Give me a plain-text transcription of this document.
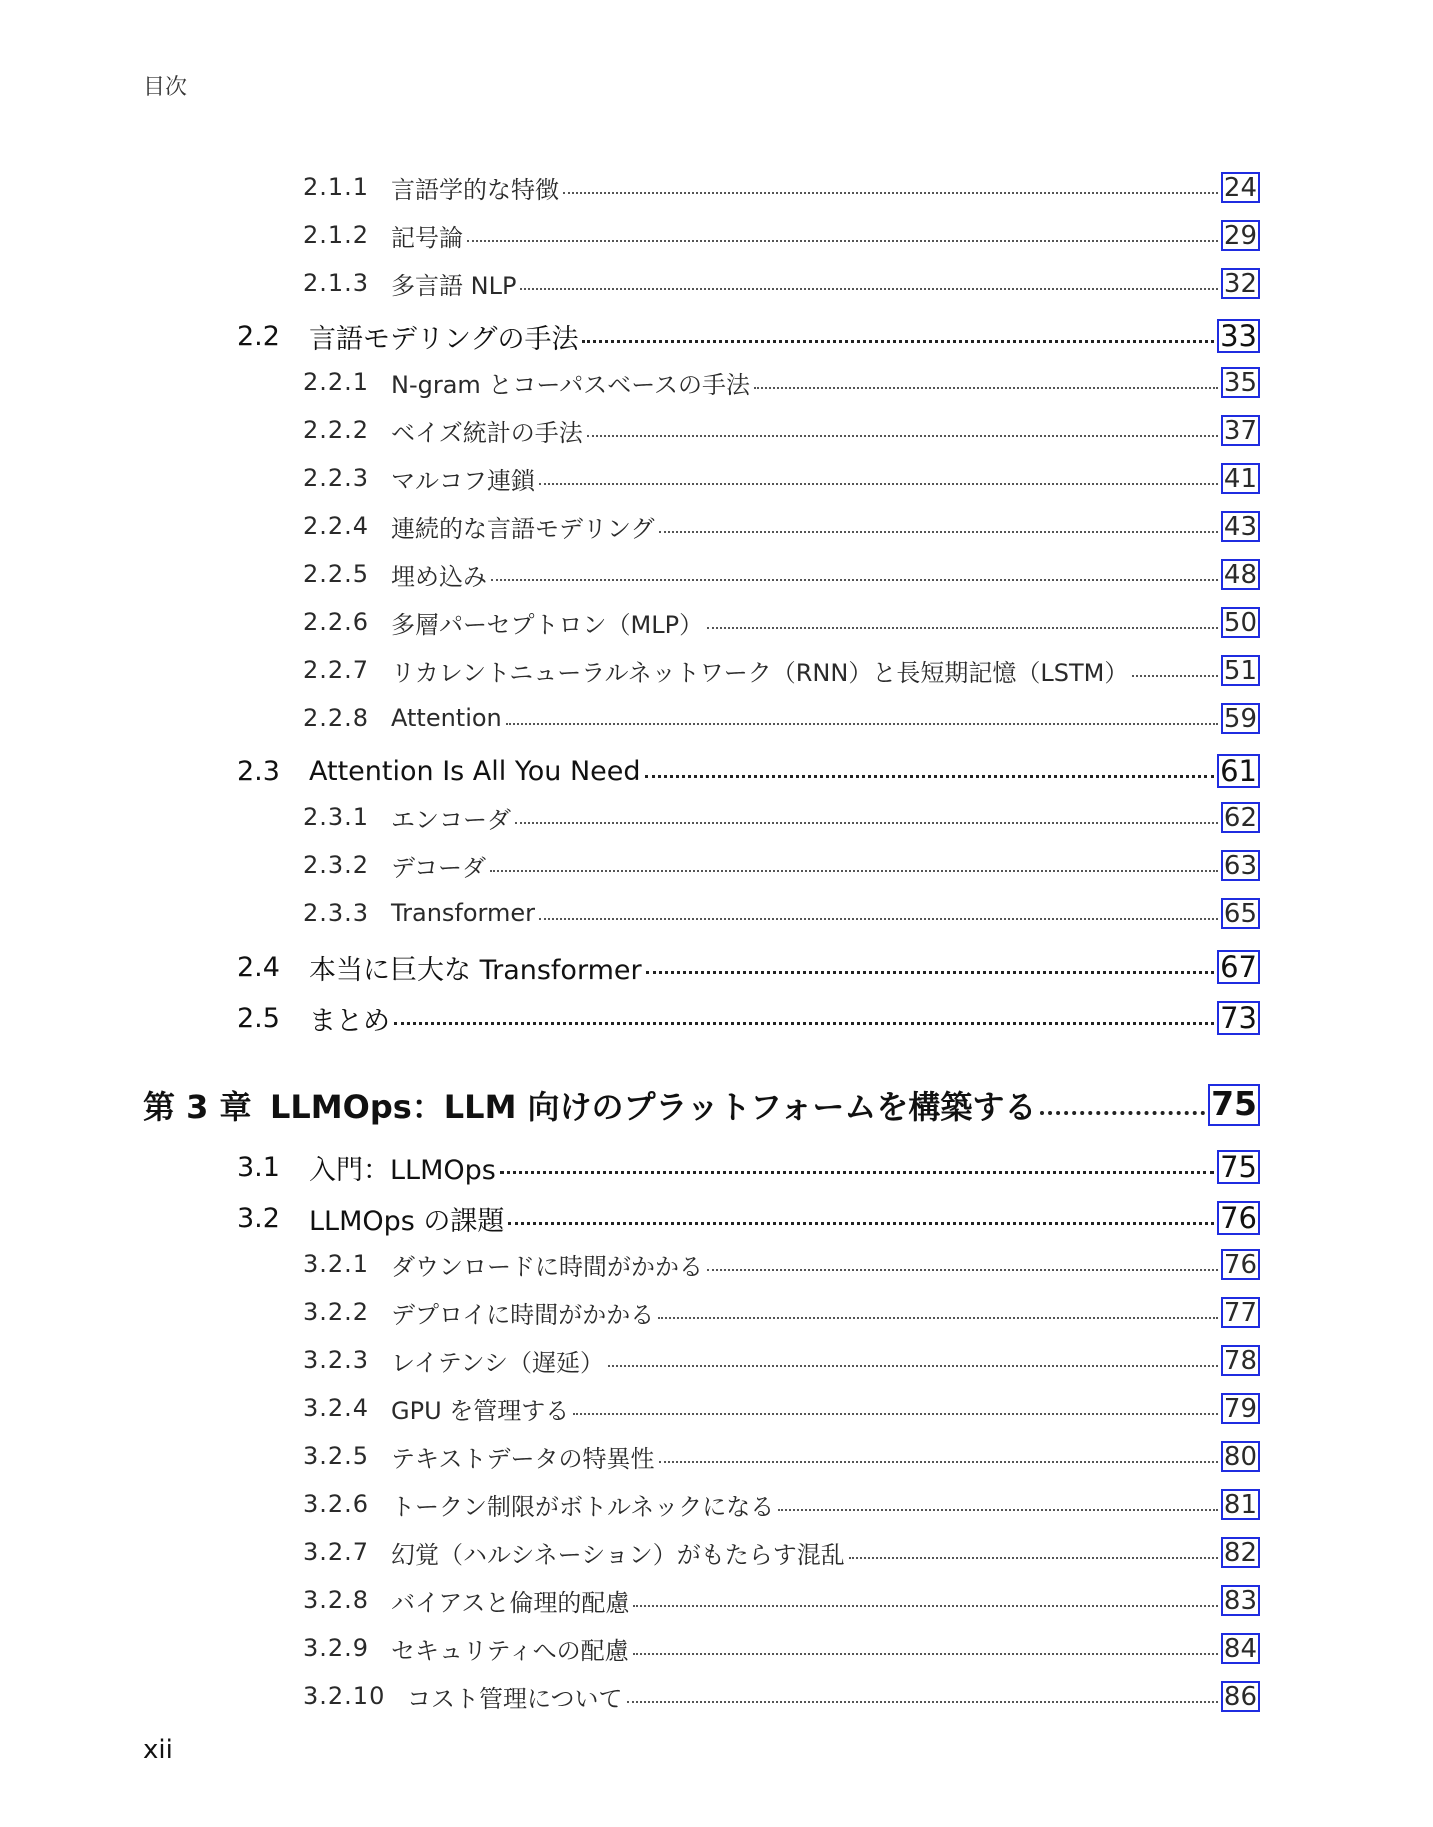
目次
2.1.1 言語学的な特徴	24
2.1.2 記号論	29
2.1.3 多言語 NLP	32
2.2	言語モデリングの手法	33
2.2.1 N-gram とコーパスベースの手法	35
2.2.2 ベイズ統計の手法	37
2.2.3 マルコフ連鎖	41
2.2.4 連続的な言語モデリング	43
2.2.5 埋め込み	48
2.2.6 多層パーセプトロン（MLP）	50
2.2.7 リカレントニューラルネットワーク（RNN）と長短期記憶（LSTM）	51
2.2.8 Attention	59
2.3	Attention Is All You Need	61
2.3.1 エンコーダ	62
2.3.2 デコーダ	63
2.3.3 Transformer	65
2.4	本当に巨大な Transformer	67
2.5	まとめ	73
第 3 章 LLMOps：LLM 向けのプラットフォームを構築する	75
3.1	入門：LLMOps	75
3.2	LLMOps の課題	76
3.2.1 ダウンロードに時間がかかる	76
3.2.2 デプロイに時間がかかる	77
3.2.3 レイテンシ（遅延）	78
3.2.4 GPU を管理する	79
3.2.5 テキストデータの特異性	80
3.2.6 トークン制限がボトルネックになる	81
3.2.7 幻覚（ハルシネーション）がもたらす混乱	82
3.2.8 バイアスと倫理的配慮	83
3.2.9 セキュリティへの配慮	84
3.2.10 コスト管理について	86
xii
